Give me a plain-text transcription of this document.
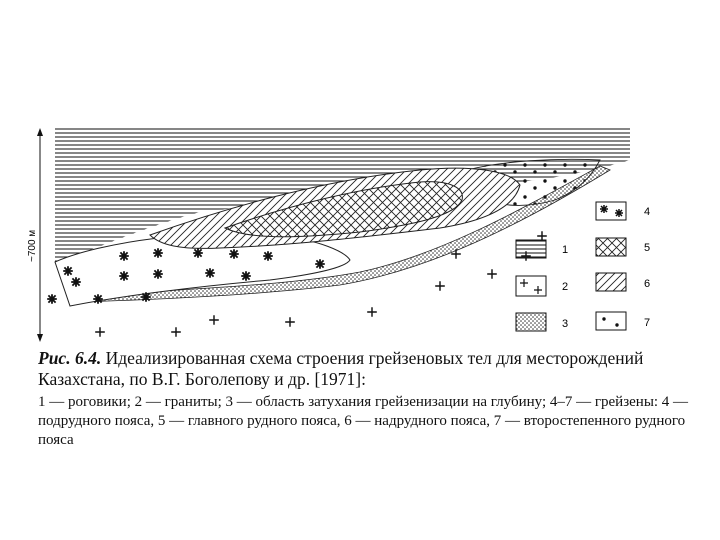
~700 м	1
2
3
4
5
6
7

Рис. 6.4. Идеализированная схема строения грейзеновых тел для месторождений Казахстана, по В.Г. Боголепову и др. [1971]:

1 — роговики; 2 — граниты; 3 — область затухания грейзенизации на глубину; 4–7 — грейзены: 4 — подрудного пояса, 5 — главного рудного пояса, 6 — надрудного пояса, 7 — второстепенного рудного пояса
